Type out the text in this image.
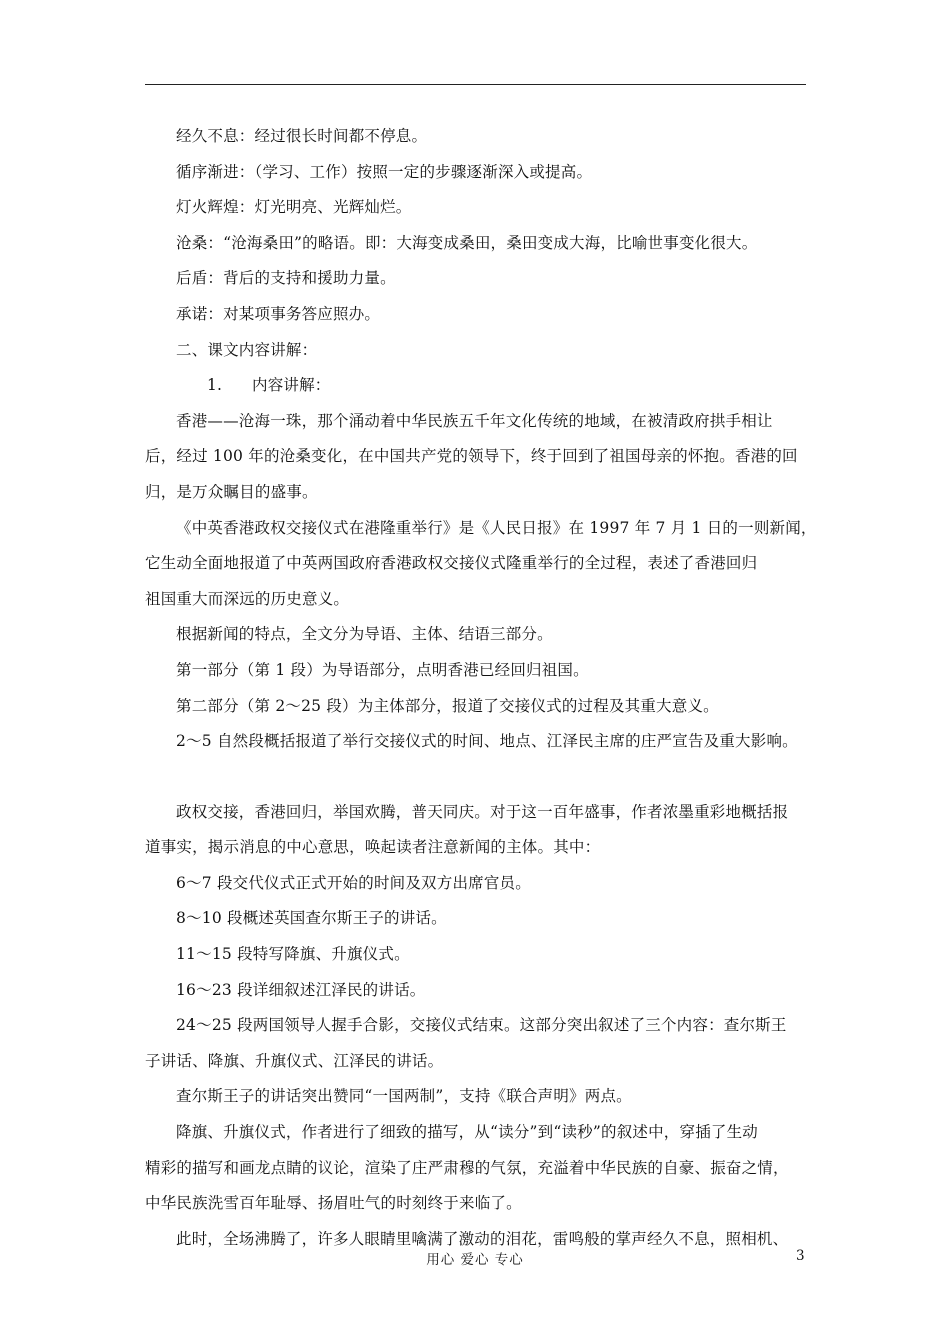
经久不息：经过很长时间都不停息。
循序渐进：（学习、工作）按照一定的步骤逐渐深入或提高。
灯火辉煌：灯光明亮、光辉灿烂。
沧桑：“沧海桑田”的略语。即：大海变成桑田，桑田变成大海，比喻世事变化很大。
后盾：背后的支持和援助力量。
承诺：对某项事务答应照办。
二、课文内容讲解：
1. 内容讲解：
香港——沧海一珠，那个涌动着中华民族五千年文化传统的地域，在被清政府拱手相让
后，经过 100 年的沧桑变化，在中国共产党的领导下，终于回到了祖国母亲的怀抱。香港的回
归，是万众瞩目的盛事。
《中英香港政权交接仪式在港隆重举行》是《人民日报》在 1997 年 7 月 1 日的一则新闻，
它生动全面地报道了中英两国政府香港政权交接仪式隆重举行的全过程，表述了香港回归
祖国重大而深远的历史意义。
根据新闻的特点，全文分为导语、主体、结语三部分。
第一部分（第 1 段）为导语部分，点明香港已经回归祖国。
第二部分（第 2～25 段）为主体部分，报道了交接仪式的过程及其重大意义。
2～5 自然段概括报道了举行交接仪式的时间、地点、江泽民主席的庄严宣告及重大影响。
政权交接，香港回归，举国欢腾，普天同庆。对于这一百年盛事，作者浓墨重彩地概括报
道事实，揭示消息的中心意思，唤起读者注意新闻的主体。其中：
6～7 段交代仪式正式开始的时间及双方出席官员。
8～10 段概述英国查尔斯王子的讲话。
11～15 段特写降旗、升旗仪式。
16～23 段详细叙述江泽民的讲话。
24～25 段两国领导人握手合影，交接仪式结束。这部分突出叙述了三个内容：查尔斯王
子讲话、降旗、升旗仪式、江泽民的讲话。
查尔斯王子的讲话突出赞同“一国两制”，支持《联合声明》两点。
降旗、升旗仪式，作者进行了细致的描写，从“读分”到“读秒”的叙述中，穿插了生动
精彩的描写和画龙点睛的议论，渲染了庄严肃穆的气氛，充溢着中华民族的自豪、振奋之情，
中华民族洗雪百年耻辱、扬眉吐气的时刻终于来临了。
此时，全场沸腾了，许多人眼睛里噙满了激动的泪花，雷鸣般的掌声经久不息，照相机、
用心 爱心 专心	3
